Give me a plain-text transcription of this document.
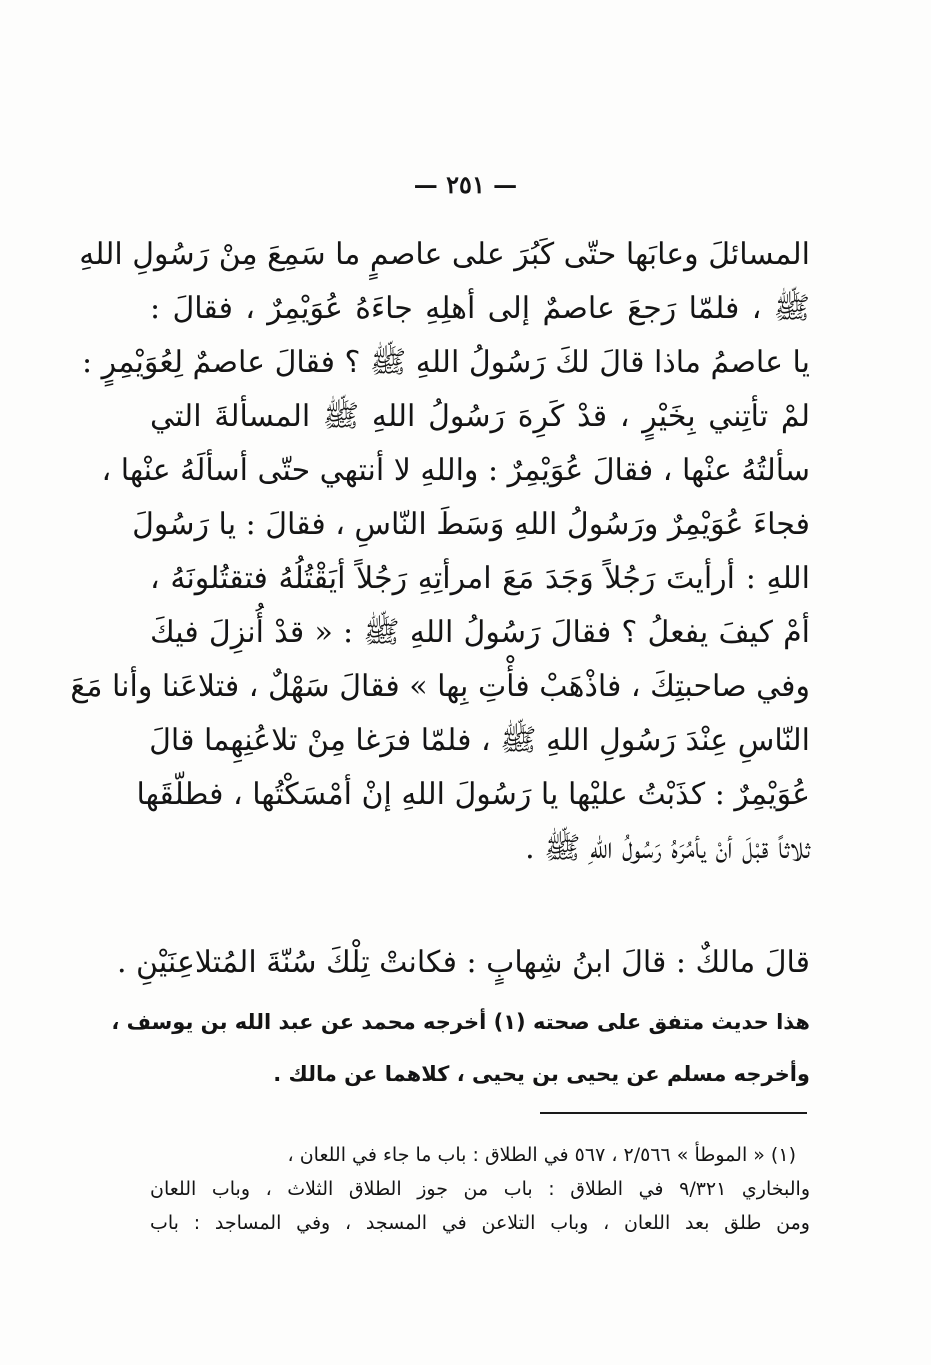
— ٢٥١ —
المسائلَ وعابَها حتّى كَبُرَ على عاصمٍ ما سَمِعَ مِنْ رَسُولِ اللهِ
ﷺ ، فلمّا رَجعَ عاصمٌ إلى أهلِهِ جاءَهُ عُوَيْمِرٌ ، فقالَ :
يا عاصمُ ماذا قالَ لكَ رَسُولُ اللهِ ﷺ ؟ فقالَ عاصمٌ لِعُوَيْمِرٍ :
لمْ تأتِني بِخَيْرٍ ، قدْ كَرِهَ رَسُولُ اللهِ ﷺ المسألةَ التي
سألتُهُ عنْها ، فقالَ عُوَيْمِرٌ : واللهِ لا أنتهي حتّى أسألَهُ عنْها ،
فجاءَ عُوَيْمِرٌ ورَسُولُ اللهِ وَسَطَ النّاسِ ، فقالَ : يا رَسُولَ
اللهِ : أرأيتَ رَجُلاً وَجَدَ مَعَ امرأتِهِ رَجُلاً أيَقْتُلُهُ فتقتُلونَهُ ،
أمْ كيفَ يفعلُ ؟ فقالَ رَسُولُ اللهِ ﷺ : « قدْ أُنزِلَ فيكَ
وفي صاحبتِكَ ، فاذْهَبْ فأْتِ بِها » فقالَ سَهْلٌ ، فتلاعَنا وأنا مَعَ
النّاسِ عِنْدَ رَسُولِ اللهِ ﷺ ، فلمّا فرَغا مِنْ تلاعُنِهِما قالَ
عُوَيْمِرٌ : كذَبْتُ عليْها يا رَسُولَ اللهِ إنْ أمْسَكْتُها ، فطلّقَها
ثلاثاً قبْلَ أنْ يأمُرَهُ رَسُولُ اللهِ ﷺ .
قالَ مالكٌ : قالَ ابنُ شِهابٍ : فكانتْ تِلْكَ سُنّةَ المُتلاعِنَيْنِ .
هذا حديث متفق على صحته (١) أخرجه محمد عن عبد الله بن يوسف ،
وأخرجه مسلم عن يحيى بن يحيى ، كلاهما عن مالك .
(١) « الموطأ » ٢/٥٦٦ ، ٥٦٧ في الطلاق : باب ما جاء في اللعان ،
والبخاري ٩/٣٢١ في الطلاق : باب من جوز الطلاق الثلاث ، وباب اللعان
ومن طلق بعد اللعان ، وباب التلاعن في المسجد ، وفي المساجد : باب
